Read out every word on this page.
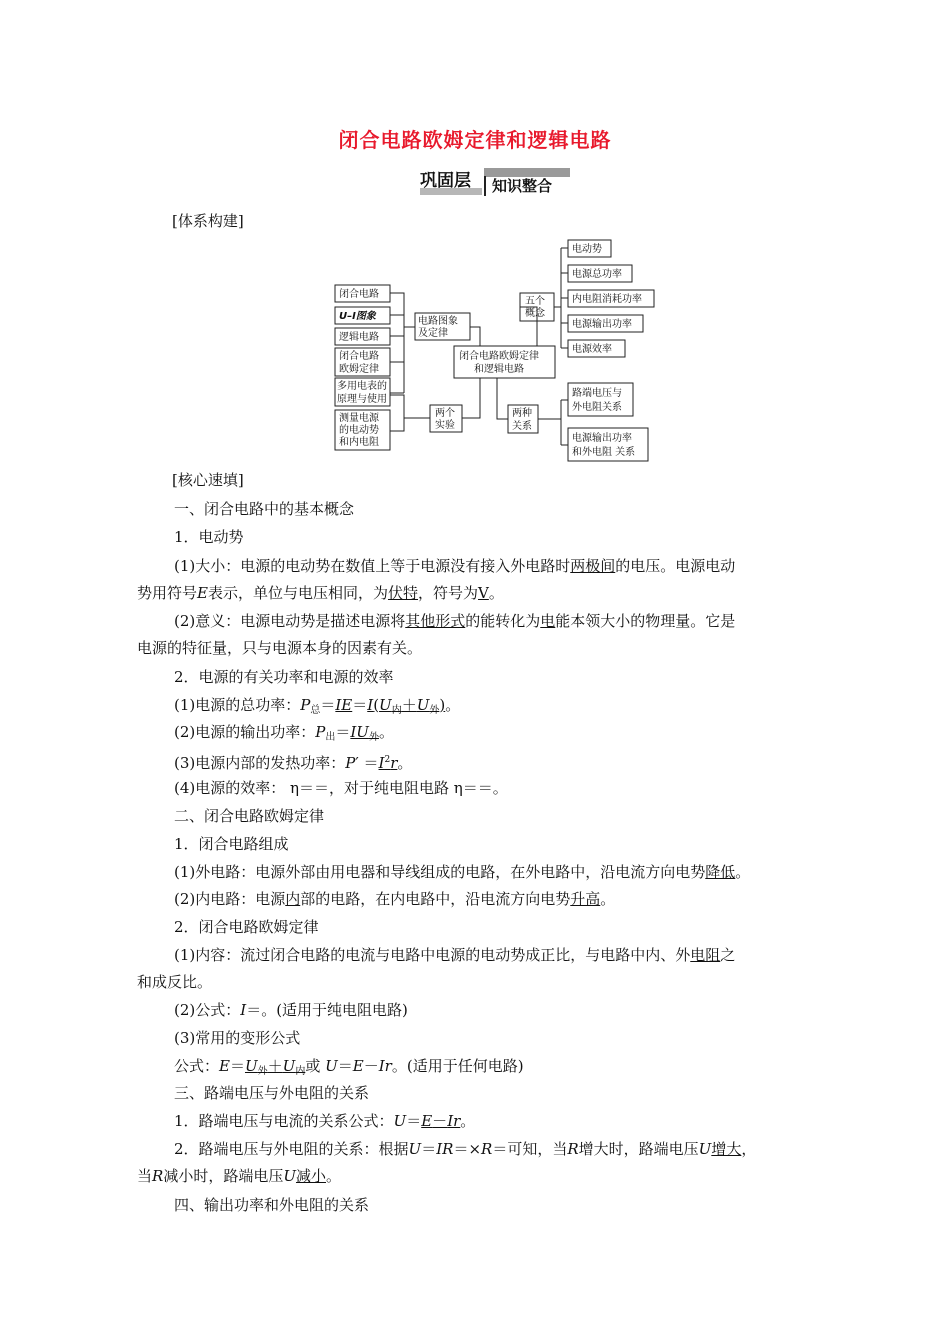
闭合电路欧姆定律和逻辑电路
巩固层	知识整合
[体系构建]
闭合电路
U–I图象
逻辑电路
闭合电路
欧姆定律
多用电表的
原理与使用
测量电源
的电动势
和内电阻
电路图象
及定律
两个
实验
闭合电路欧姆定律
和逻辑电路
五个
概念
两种
关系
电动势
电源总功率
内电阻消耗功率
电源输出功率
电源效率
路端电压与
外电阻关系
电源输出功率
和外电阻 关系
[核心速填]
一、闭合电路中的基本概念
1．电动势
(1)大小：电源的电动势在数值上等于电源没有接入外电路时两极间的电压。电源电动
势用符号E表示，单位与电压相同，为伏特，符号为V。
(2)意义：电源电动势是描述电源将其他形式的能转化为电能本领大小的物理量。它是
电源的特征量，只与电源本身的因素有关。
2．电源的有关功率和电源的效率
(1)电源的总功率：$P_总=IE=I(U_内+U_外)$。
(2)电源的输出功率：$P_出=IU_外$。
(3)电源内部的发热功率：$P' =I^2r$。
(4)电源的效率： η＝＝，对于纯电阻电路 η＝＝。
二、闭合电路欧姆定律
1．闭合电路组成
(1)外电路：电源外部由用电器和导线组成的电路，在外电路中，沿电流方向电势降低。
(2)内电路：电源内部的电路，在内电路中，沿电流方向电势升高。
2．闭合电路欧姆定律
(1)内容：流过闭合电路的电流与电路中电源的电动势成正比，与电路中内、外电阻之
和成反比。
(2)公式：I＝。(适用于纯电阻电路)
(3)常用的变形公式
公式：$E=U_外+U_内$或 U＝E－Ir。(适用于任何电路)
三、路端电压与外电阻的关系
1．路端电压与电流的关系公式：U＝E－Ir。
2．路端电压与外电阻的关系：根据U＝IR＝×R＝可知，当R增大时，路端电压U增大，
当R减小时，路端电压U减小。
四、输出功率和外电阻的关系
